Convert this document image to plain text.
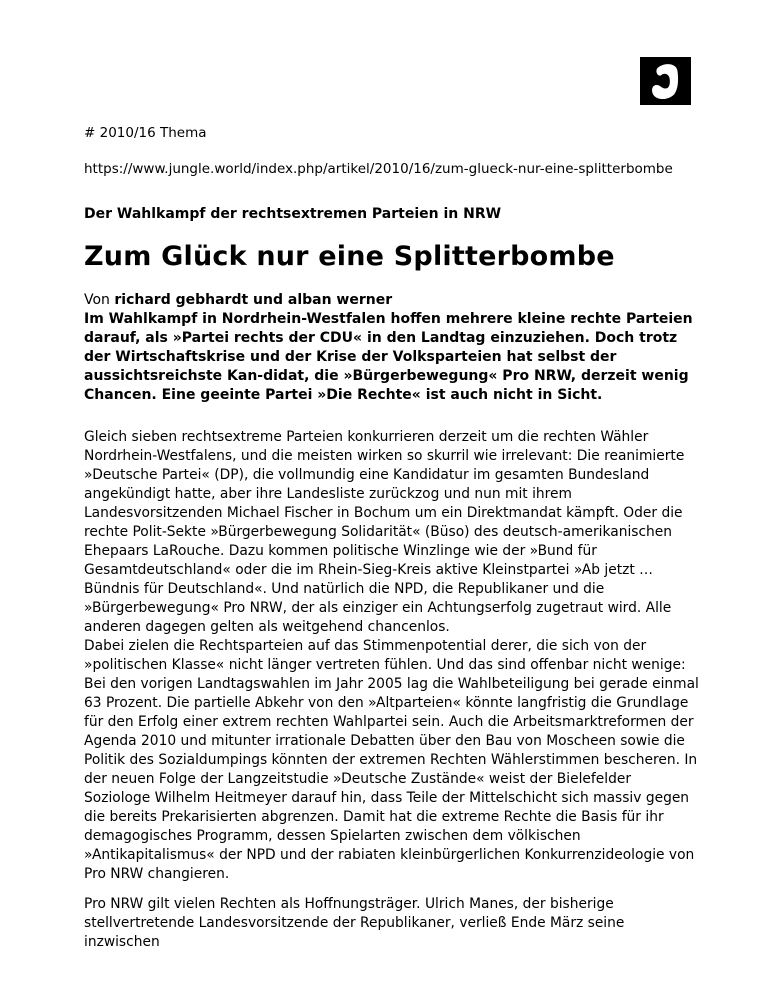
# 2010/16 Thema

https://www.jungle.world/index.php/artikel/2010/16/zum-glueck-nur-eine-splitterbombe

Der Wahlkampf der rechtsextremen Parteien in NRW

Zum Glück nur eine Splitterbombe

Von richard gebhardt und alban werner

Im Wahlkampf in Nordrhein-Westfalen hoffen mehrere kleine rechte Parteien darauf, als »Partei rechts der CDU« in den Landtag einzuziehen. Doch trotz der Wirtschaftskrise und der Krise der Volksparteien hat selbst der aussichtsreichste Kan-didat, die »Bürgerbewegung« Pro NRW, derzeit wenig Chancen. Eine geeinte Partei »Die Rechte« ist auch nicht in Sicht.

Gleich sieben rechtsextreme Parteien konkurrieren derzeit um die rechten Wähler Nordrhein-Westfalens, und die meisten wirken so skurril wie irrelevant: Die reanimierte »Deutsche Partei« (DP), die vollmundig eine Kandidatur im gesamten Bundesland angekündigt hatte, aber ihre Landesliste zurückzog und nun mit ihrem Landesvorsitzenden Michael Fischer in Bochum um ein Direktmandat kämpft. Oder die rechte Polit-Sekte »Bürgerbewegung Solidarität« (Büso) des deutsch-amerikanischen Ehepaars LaRouche. Dazu kommen politische Winzlinge wie der »Bund für Gesamtdeutschland« oder die im Rhein-Sieg-Kreis aktive Kleinstpartei »Ab jetzt … Bündnis für Deutschland«. Und natürlich die NPD, die Republikaner und die »Bürgerbewegung« Pro NRW, der als einziger ein Achtungserfolg zugetraut wird. Alle anderen dagegen gelten als weitgehend chancenlos.

Dabei zielen die Rechtsparteien auf das Stimmenpotential derer, die sich von der »politischen Klasse« nicht länger vertreten fühlen. Und das sind offenbar nicht wenige: Bei den vorigen Landtagswahlen im Jahr 2005 lag die Wahlbeteiligung bei gerade einmal 63 Prozent. Die partielle Abkehr von den »Altparteien« könnte langfristig die Grundlage für den Erfolg einer extrem rechten Wahlpartei sein. Auch die Arbeitsmarktreformen der Agenda 2010 und mitunter irrationale Debatten über den Bau von Moscheen sowie die Politik des Sozialdumpings könnten der extremen Rechten Wählerstimmen bescheren. In der neuen Folge der Langzeitstudie »Deutsche Zustände« weist der Bielefelder Soziologe Wilhelm Heitmeyer darauf hin, dass Teile der Mittelschicht sich massiv gegen die bereits Prekarisierten abgrenzen. Damit hat die extreme Rechte die Basis für ihr demagogisches Programm, dessen Spielarten zwischen dem völkischen »Antikapitalismus« der NPD und der rabiaten kleinbürgerlichen Konkurrenzideologie von Pro NRW changieren.

Pro NRW gilt vielen Rechten als Hoffnungsträger. Ulrich Manes, der bisherige stellvertretende Landesvorsitzende der Republikaner, verließ Ende März seine inzwischen
